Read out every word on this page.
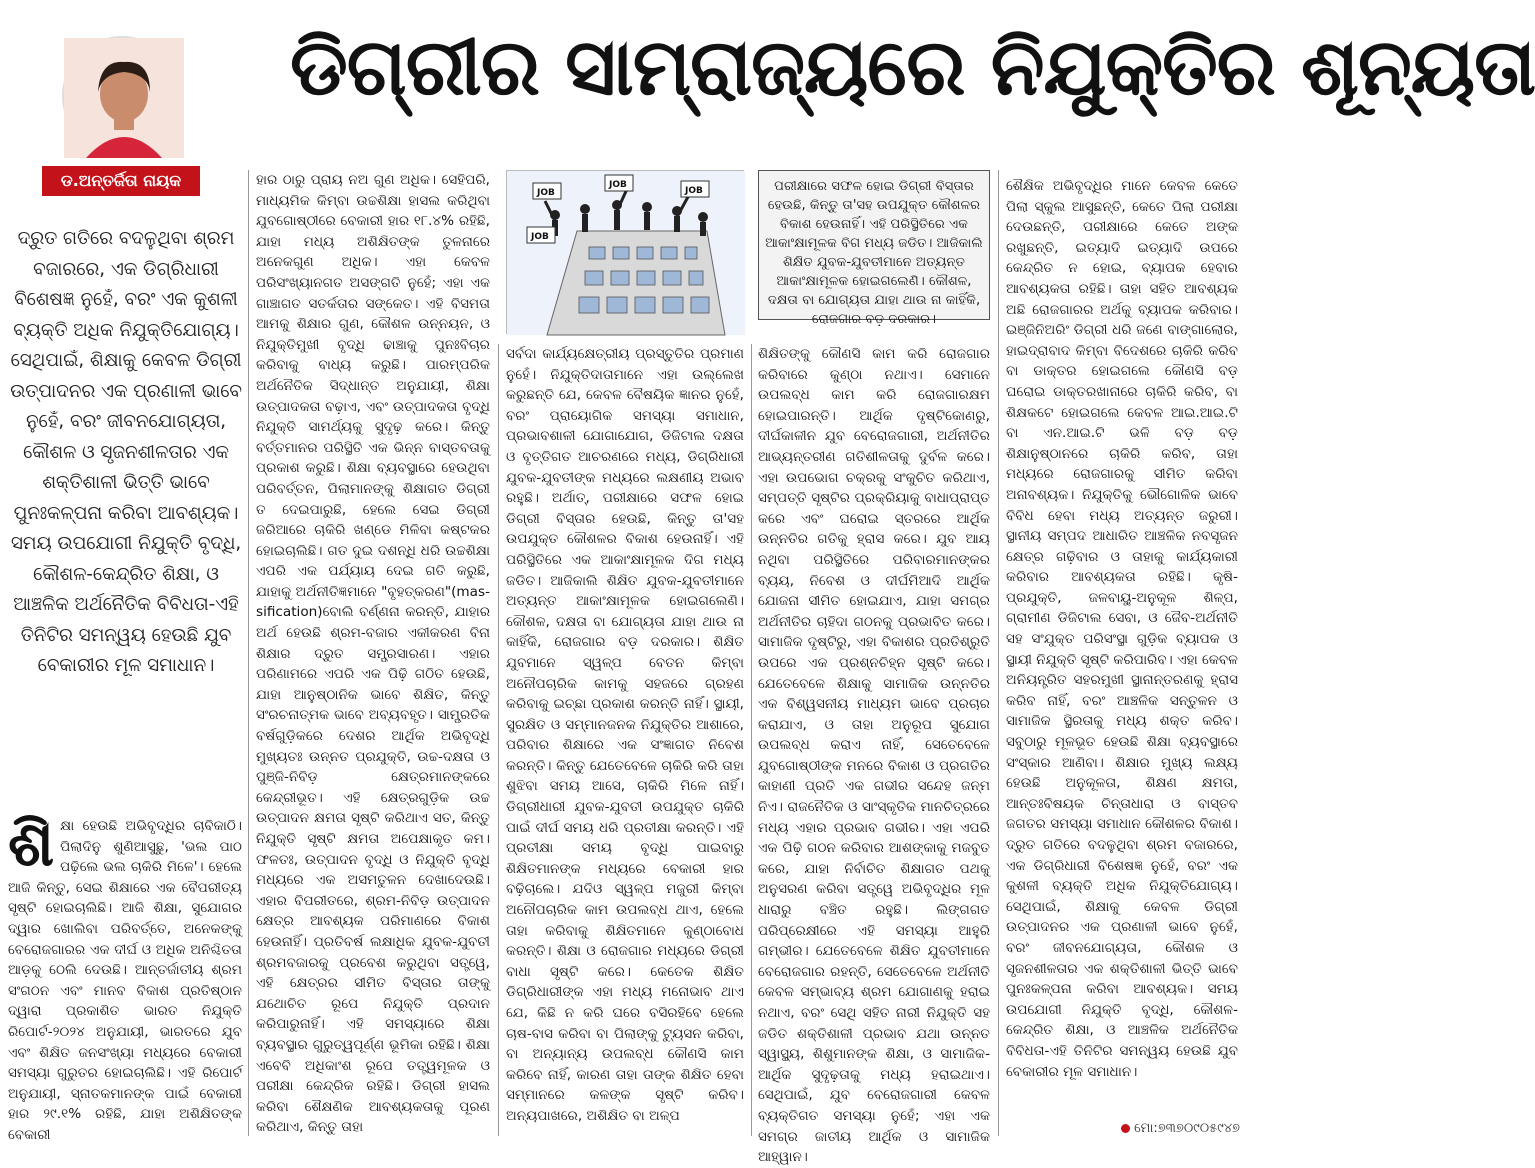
ଡିଗ୍ରୀର ସାମ୍ରାଜ୍ୟରେ ନିଯୁକ୍ତିର ଶୂନ୍ୟତା
ଡ.ଅନ୍ତର୍ଜିତା ନାୟକ
ଦ୍ରୁତ ଗତିରେ ବଦଳୁଥିବା ଶ୍ରମ ବଜାରରେ, ଏକ ଡିଗ୍ରିଧାରୀ ବିଶେଷଜ୍ଞ ନୁହେଁ, ବରଂ ଏକ କୁଶଳୀ ବ୍ୟକ୍ତି ଅଧିକ ନିଯୁକ୍ତିଯୋଗ୍ୟ। ସେଥିପାଇଁ, ଶିକ୍ଷାକୁ କେବଳ ଡିଗ୍ରୀ ଉତ୍ପାଦନର ଏକ ପ୍ରଣାଳୀ ଭାବେ ନୁହେଁ, ବରଂ ଜୀବନଯୋଗ୍ୟତା, କୌଶଳ ଓ ସୃଜନଶୀଳତାର ଏକ ଶକ୍ତିଶାଳୀ ଭିତ୍ତି ଭାବେ ପୁନଃକଳ୍ପନା କରିବା ଆବଶ୍ୟକ। ସମୟ ଉପଯୋଗୀ ନିଯୁକ୍ତି ବୃଦ୍ଧି, କୌଶଳ-କେନ୍ଦ୍ରିତ ଶିକ୍ଷା, ଓ ଆଞ୍ଚଳିକ ଅର୍ଥନୈତିକ ବିବିଧତା-ଏହି ତିନିଟିର ସମନ୍ୱୟ ହେଉଛି ଯୁବ ବେକାରୀର ମୂଳ ସମାଧାନ।
ଶି କ୍ଷା ହେଉଛି ଅଭିବୃଦ୍ଧିର ଚାବିକାଠି। ପିଲାଦିନୁ ଶୁଣିଆସୁଛୁ, 'ଭଲ ପାଠ ପଢ଼ିଲେ ଭଲ ଚାକିରି ମିଳେ'। ହେଲେ ଆଜି କିନ୍ତୁ, ସେଇ ଶିକ୍ଷାରେ ଏକ ବୈପରୀତ୍ୟ ସୃଷ୍ଟି ହୋଇଚାଲିଛି। ଆଜି ଶିକ୍ଷା, ସୁଯୋଗର ଦ୍ୱାର ଖୋଲିବା ପରିବର୍ତ୍ତେ, ଅନେକଙ୍କୁ ବେରୋଜଗାରର ଏକ ଦୀର୍ଘ ଓ ଅଧିକ ଅନିଶ୍ଚିତତା ଆଡ଼କୁ ଠେଲି ଦେଉଛି। ଆନ୍ତର୍ଜାତୀୟ ଶ୍ରମ ସଂଗଠନ ଏବଂ ମାନବ ବିକାଶ ପ୍ରତିଷ୍ଠାନ ଦ୍ୱାରା ପ୍ରକାଶିତ ଭାରତ ନିଯୁକ୍ତି ରିପୋର୍ଟ-୨୦୨୪ ଅନୁଯାୟୀ, ଭାରତରେ ଯୁବ ଏବଂ ଶିକ୍ଷିତ ଜନସଂଖ୍ୟା ମଧ୍ୟରେ ବେକାରୀ ସମସ୍ୟା ଗୁରୁତର ହୋଇଚାଲିଛି। ଏହି ରିପୋର୍ଟ ଅନୁଯାୟୀ, ସ୍ନାତକମାନଙ୍କ ପାଇଁ ବେକାରୀ ହାର ୨୯.୧% ରହିଛି, ଯାହା ଅଶିକ୍ଷିତଙ୍କ ବେକାରୀ
ହାର ଠାରୁ ପ୍ରାୟ ନଅ ଗୁଣ ଅଧିକ। ସେହିପରି, ମାଧ୍ୟମିକ କିମ୍ବା ଉଚ୍ଚଶିକ୍ଷା ହାସଲ କରିଥିବା ଯୁବଗୋଷ୍ଠୀରେ ବେକାରୀ ହାର ୧୮.୪% ରହିଛି, ଯାହା ମଧ୍ୟ ଅଶିକ୍ଷିତଙ୍କ ତୁଳନାରେ ଅନେକଗୁଣ ଅଧିକ। ଏହା କେବଳ ପରିସଂଖ୍ୟାନଗତ ଅସଙ୍ଗତି ନୁହେଁ; ଏହା ଏକ ଗାଞ୍ଚାଗତ ସତର୍କତାର ସଙ୍କେତ। ଏହି ବିସମତା ଆମକୁ ଶିକ୍ଷାର ଗୁଣ, କୌଶଳ ଉନ୍ନୟନ, ଓ ନିଯୁକ୍ତିମୁଖୀ ବୃଦ୍ଧି ଢାଞ୍ଚାକୁ ପୁନଃବିଚାର କରିବାକୁ ବାଧ୍ୟ କରୁଛି। ପାରମ୍ପରିକ ଅର୍ଥନୈତିକ ସିଦ୍ଧାନ୍ତ ଅନୁଯାୟୀ, ଶିକ୍ଷା ଉତ୍ପାଦକତା ବଢ଼ାଏ, ଏବଂ ଉତ୍ପାଦକତା ବୃଦ୍ଧି ନିଯୁକ୍ତି ସାମର୍ଥ୍ୟକୁ ସୁଦୃଢ଼ କରେ। କିନ୍ତୁ ବର୍ତ୍ତମାନର ପରିସ୍ଥିତି ଏକ ଭିନ୍ନ ବାସ୍ତବତାକୁ ପ୍ରକାଶ କରୁଛି। ଶିକ୍ଷା ବ୍ୟବସ୍ଥାରେ ହେଉଥିବା ପରିବର୍ତ୍ତନ, ପିଲାମାନଙ୍କୁ ଶିକ୍ଷାଗତ ଡିଗ୍ରୀ ତ ଦେଇପାରୁଛି, ହେଲେ ସେଇ ଡିଗ୍ରୀ ଜରିଆରେ ଚାକିରି ଖଣ୍ଡେ ମିଳିବା କଷ୍ଟକର ହୋଇଚାଲିଛି। ଗତ ଦୁଇ ଦଶନ୍ଧି ଧରି ଉଚ୍ଚଶିକ୍ଷା ଏପରି ଏକ ପର୍ଯ୍ୟାୟ ଦେଇ ଗତି କରୁଛି, ଯାହାକୁ ଅର୍ଥନୀତିଜ୍ଞମାନେ "ବୃହତ୍କରଣ"(massification)ବୋଲି ବର୍ଣ୍ଣନା କରନ୍ତି, ଯାହାର ଅର୍ଥ ହେଉଛି ଶ୍ରମ-ବଜାର ଏକୀକରଣ ବିନା ଶିକ୍ଷାର ଦ୍ରୁତ ସମ୍ପ୍ରସାରଣ। ଏହାର ପରିଣାମରେ ଏପରି ଏକ ପିଢ଼ି ଗଠିତ ହେଉଛି, ଯାହା ଆନୁଷ୍ଠାନିକ ଭାବେ ଶିକ୍ଷିତ, କିନ୍ତୁ ସଂରଚନାତ୍ମକ ଭାବେ ଅବ୍ୟବହୃତ। ସାମ୍ପ୍ରତିକ ବର୍ଷଗୁଡ଼ିକରେ ଦେଶର ଆର୍ଥିକ ଅଭିବୃଦ୍ଧି ମୁଖ୍ୟତଃ ଉନ୍ନତ ପ୍ରଯୁକ୍ତି, ଉଚ୍ଚ-ଦକ୍ଷତା ଓ ପୁଞ୍ଜି-ନିବିଡ଼ କ୍ଷେତ୍ରମାନଙ୍କରେ କେନ୍ଦ୍ରୀଭୂତ। ଏହି କ୍ଷେତ୍ରଗୁଡ଼ିକ ଉଚ୍ଚ ଉତ୍ପାଦନ କ୍ଷମତା ସୃଷ୍ଟି କରିଥାଏ ସତ, କିନ୍ତୁ ନିଯୁକ୍ତି ସୃଷ୍ଟି କ୍ଷମତା ଅପେକ୍ଷାକୃତ କମ। ଫଳତଃ, ଉତ୍ପାଦନ ବୃଦ୍ଧି ଓ ନିଯୁକ୍ତି ବୃଦ୍ଧି ମଧ୍ୟରେ ଏକ ଅସମତୁଳନ ଦେଖାଦେଉଛି। ଏହାର ବିପରୀତରେ, ଶ୍ରମ-ନିବିଡ଼ ଉତ୍ପାଦନ କ୍ଷେତ୍ର ଆବଶ୍ୟକ ପରିମାଣରେ ବିକାଶ ହେଉନାହିଁ। ପ୍ରତିବର୍ଷ ଲକ୍ଷାଧିକ ଯୁବକ-ଯୁବତୀ ଶ୍ରମବଜାରକୁ ପ୍ରବେଶ କରୁଥିବା ସତ୍ତ୍ୱେ, ଏହି କ୍ଷେତ୍ରର ସୀମିତ ବିସ୍ତାର ତାଙ୍କୁ ଯଥୋଚିତ ରୂପେ ନିଯୁକ୍ତି ପ୍ରଦାନ କରିପାରୁନାହିଁ। ଏହି ସମସ୍ୟାରେ ଶିକ୍ଷା ବ୍ୟବସ୍ଥାର ଗୁରୁତ୍ୱପୂର୍ଣ୍ଣ ଭୂମିକା ରହିଛି। ଶିକ୍ଷା ଏବେବି ଅଧିକାଂଶ ରୂପେ ତତ୍ତ୍ୱମୂଳକ ଓ ପରୀକ୍ଷା କେନ୍ଦ୍ରିକ ରହିଛି। ଡିଗ୍ରୀ ହାସଲ କରିବା ଶୈକ୍ଷଣିକ ଆବଶ୍ୟକତାକୁ ପୂରଣ କରିଥାଏ, କିନ୍ତୁ ତାହା
JOB
JOB
JOB
JOB
ପରୀକ୍ଷାରେ ସଫଳ ହୋଇ ଡିଗ୍ରୀ ବିସ୍ତାର ହେଉଛି, କିନ୍ତୁ ତା'ସହ ଉପଯୁକ୍ତ କୌଶଳର ବିକାଶ ହେଉନାହିଁ। ଏହି ପରିସ୍ଥିତିରେ ଏକ ଆକାଂକ୍ଷାମୂଳକ ବିଗ ମଧ୍ୟ ଜଡିତ। ଆଜିକାଲି ଶିକ୍ଷିତ ଯୁବକ-ଯୁବତୀମାନେ ଅତ୍ୟନ୍ତ ଆକାଂକ୍ଷାମୂଳକ ହୋଇଗଲେଣି। କୌଶଳ, ଦକ୍ଷତା ବା ଯୋଗ୍ୟତା ଯାହା ଥାଉ ନା କାହିଁକି, ରୋଜଗାର ବଡ଼ ଦରକାର।
ସର୍ବଦା କାର୍ଯ୍ୟକ୍ଷେତ୍ରୀୟ ପ୍ରସ୍ତୁତିର ପ୍ରମାଣ ନୁହେଁ। ନିଯୁକ୍ତିଦାତାମାନେ ଏହା ଉଲ୍ଲେଖ କରୁଛନ୍ତି ଯେ, କେବଳ ବୈଷୟିକ ଜ୍ଞାନର ନୁହେଁ, ବରଂ ପ୍ରାୟୋଗିକ ସମସ୍ୟା ସମାଧାନ, ପ୍ରଭାବଶାଳୀ ଯୋଗାଯୋଗ, ଡିଜିଟାଲ ଦକ୍ଷତା ଓ ବୃତ୍ତିଗତ ଆଚରଣରେ ମଧ୍ୟ, ଡିଗ୍ରିଧାରୀ ଯୁବକ-ଯୁବତୀଙ୍କ ମଧ୍ୟରେ ଲକ୍ଷଣୀୟ ଅଭାବ ରହୁଛି। ଅର୍ଥାତ୍, ପରୀକ୍ଷାରେ ସଫଳ ହୋଇ ଡିଗ୍ରୀ ବିସ୍ତାର ହେଉଛି, କିନ୍ତୁ ତା'ସହ ଉପଯୁକ୍ତ କୌଶଳର ବିକାଶ ହେଉନାହିଁ। ଏହି ପରିସ୍ଥିତିରେ ଏକ ଆକାଂକ୍ଷାମୂଳକ ଦିଗ ମଧ୍ୟ ଜଡିତ। ଆଜିକାଲି ଶିକ୍ଷିତ ଯୁବକ-ଯୁବତୀମାନେ ଅତ୍ୟନ୍ତ ଆକାଂକ୍ଷାମୂଳକ ହୋଇଗଲେଣି। କୌଶଳ, ଦକ୍ଷତା ବା ଯୋଗ୍ୟତା ଯାହା ଥାଉ ନା କାହିଁକି, ରୋଜଗାର ବଡ଼ ଦରକାର। ଶିକ୍ଷିତ ଯୁବମାନେ ସ୍ୱଳ୍ପ ବେତନ କିମ୍ବା ଅନୌପଚାରିକ କାମକୁ ସହଜରେ ଗ୍ରହଣ କରିବାକୁ ଇଚ୍ଛା ପ୍ରକାଶ କରନ୍ତି ନାହିଁ। ସ୍ଥାୟୀ, ସୁରକ୍ଷିତ ଓ ସମ୍ମାନଜନକ ନିଯୁକ୍ତିର ଆଶାରେ, ପରିବାର ଶିକ୍ଷାରେ ଏକ ସଂଜ୍ଞାଗତ ନିବେଶ କରନ୍ତି। କିନ୍ତୁ ଯେତେବେଳେ ଚାକିରି କରି ତାହା ଶୁଝିବା ସମୟ ଆସେ, ଚାକିରି ମିଳେ ନାହିଁ। ଡିଗ୍ରୀଧାରୀ ଯୁବକ-ଯୁବତୀ ଉପଯୁକ୍ତ ଚାକିରି ପାଇଁ ଦୀର୍ଘ ସମୟ ଧରି ପ୍ରତୀକ୍ଷା କରନ୍ତି। ଏହି ପ୍ରତୀକ୍ଷା ସମୟ ବୃଦ୍ଧି ପାଇବାରୁ ଶିକ୍ଷିତମାନଙ୍କ ମଧ୍ୟରେ ବେକାରୀ ହାର ବଢ଼ିଚାଲେ। ଯଦିଓ ସ୍ୱଳ୍ପ ମଜୁରୀ କିମ୍ବା ଅନୌପଚାରିକ କାମ ଉପଲବ୍ଧ ଥାଏ, ହେଲେ ତାହା କରିବାକୁ ଶିକ୍ଷିତମାନେ କୁଣ୍ଠାବୋଧ କରନ୍ତି। ଶିକ୍ଷା ଓ ରୋଜଗାର ମଧ୍ୟରେ ଡିଗ୍ରୀ ବାଧା ସୃଷ୍ଟି କରେ। କେତେକ ଶିକ୍ଷିତ ଡିଗ୍ରିଧାରୀଙ୍କ ଏହା ମଧ୍ୟ ମନୋଭାବ ଥାଏ ଯେ, କିଛି ନ କରି ଘରେ ବସିରହିବେ ହେଲେ ଚାଷ-ବାସ କରିବା ବା ପିଲାଙ୍କୁ ଟ୍ୟୁସନ କରିବା, ବା ଅନ୍ୟାନ୍ୟ ଉପଲବ୍ଧ କୌଣସି କାମ କରିବେ ନାହିଁ, କାରଣ ତାହା ତାଙ୍କ ଶିକ୍ଷିତ ହେବା ସମ୍ମାନରେ କଳଙ୍କ ସୃଷ୍ଟି କରିବ। ଅନ୍ୟପାଖରେ, ଅଶିକ୍ଷିତ ବା ଅଳ୍ପ
ଶିକ୍ଷିତଙ୍କୁ କୌଣସି କାମ କରି ରୋଜଗାର କରିବାରେ କୁଣ୍ଠା ନଥାଏ। ସେମାନେ ଉପଲବ୍ଧ କାମ କରି ରୋଜଗାରକ୍ଷମ ହୋଇପାରନ୍ତି। ଆର୍ଥିକ ଦୃଷ୍ଟିକୋଣରୁ, ଦୀର୍ଘକାଳୀନ ଯୁବ ବେରୋଜଗାରୀ, ଅର୍ଥନୀତିର ଆଭ୍ୟନ୍ତରୀଣ ଗତିଶୀଳତାକୁ ଦୁର୍ବଳ କରେ। ଏହା ଉପଭୋଗ ଚକ୍ରକୁ ସଂକୁଚିତ କରିଥାଏ, ସମ୍ପତ୍ତି ସୃଷ୍ଟିର ପ୍ରକ୍ରିୟାକୁ ବାଧାପ୍ରାପ୍ତ କରେ ଏବଂ ଘରୋଇ ସ୍ତରରେ ଆର୍ଥିକ ଉନ୍ନତିର ଗତିକୁ ହ୍ରାସ କରେ। ଯୁବ ଆୟ ନଥିବା ପରିସ୍ଥିତିରେ ପରିବାରମାନଙ୍କର ବ୍ୟୟ, ନିବେଶ ଓ ଦୀର୍ଘମିଆଦି ଆର୍ଥିକ ଯୋଜନା ସୀମିତ ହୋଇଯାଏ, ଯାହା ସମଗ୍ର ଅର୍ଥନୀତିର ଚାହିଦା ଗଠନକୁ ପ୍ରଭାବିତ କରେ। ସାମାଜିକ ଦୃଷ୍ଟିରୁ, ଏହା ବିକାଶର ପ୍ରତିଶ୍ରୁତି ଉପରେ ଏକ ପ୍ରଶ୍ନଚିହ୍ନ ସୃଷ୍ଟି କରେ। ଯେତେବେଳେ ଶିକ୍ଷାକୁ ସାମାଜିକ ଉନ୍ନତିର ଏକ ବିଶ୍ୱସନୀୟ ମାଧ୍ୟମ ଭାବେ ପ୍ରଚାର କରାଯାଏ, ଓ ତାହା ଅନୁରୂପ ସୁଯୋଗ ଉପଲବ୍ଧ କରାଏ ନାହିଁ, ସେତେବେଳେ ଯୁବଗୋଷ୍ଠୀଙ୍କ ମନରେ ବିକାଶ ଓ ପ୍ରଗତିର କାହାଣୀ ପ୍ରତି ଏକ ଗଭୀର ସନ୍ଦେହ ଜନ୍ମ ନିଏ। ରାଜନୈତିକ ଓ ସାଂସ୍କୃତିକ ମାନଚିତ୍ରରେ ମଧ୍ୟ ଏହାର ପ୍ରଭାବ ଗଭୀର। ଏହା ଏପରି ଏକ ପିଢ଼ି ଗଠନ କରିବାର ଆଶଙ୍କାକୁ ମଜବୁତ କରେ, ଯାହା ନିର୍ବାଚିତ ଶିକ୍ଷାଗତ ପଥକୁ ଅନୁସରଣ କରିବା ସତ୍ତ୍ୱେ ଅଭିବୃଦ୍ଧିର ମୂଳ ଧାରାରୁ ବଞ୍ଚିତ ରହୁଛି। ଲିଙ୍ଗଗତ ପରିପ୍ରେକ୍ଷୀରେ ଏହି ସମସ୍ୟା ଆହୁରି ଗମ୍ଭୀର। ଯେତେବେଳେ ଶିକ୍ଷିତ ଯୁବତୀମାନେ ବେରୋଜଗାର ରହନ୍ତି, ସେତେବେଳେ ଅର୍ଥନୀତି କେବଳ ସମ୍ଭାବ୍ୟ ଶ୍ରମ ଯୋଗାଣକୁ ହରାଇ ନଥାଏ, ବରଂ ସେଥି ସହିତ ନାରୀ ନିଯୁକ୍ତି ସହ ଜଡିତ ଶକ୍ତିଶାଳୀ ପ୍ରଭାବ ଯଥା ଉନ୍ନତ ସ୍ୱାସ୍ଥ୍ୟ, ଶିଶୁମାନଙ୍କ ଶିକ୍ଷା, ଓ ସାମାଜିକ-ଆର୍ଥିକ ସୁଦୃଢ଼ତାକୁ ମଧ୍ୟ ହରାଇଥାଏ। ସେଥିପାଇଁ, ଯୁବ ବେରୋଜଗାରୀ କେବଳ ବ୍ୟକ୍ତିଗତ ସମସ୍ୟା ନୁହେଁ; ଏହା ଏକ ସମଗ୍ର ଜାତୀୟ ଆର୍ଥିକ ଓ ସାମାଜିକ ଆହ୍ୱାନ।
ଶୈକ୍ଷିକ ଅଭିବୃଦ୍ଧିର ମାନେ କେବଳ କେତେ ପିଲା ସ୍କୁଲ ଆସୁଛନ୍ତି, କେତେ ପିଲା ପରୀକ୍ଷା ଦେଉଛନ୍ତି, ପରୀକ୍ଷାରେ କେତେ ଅଙ୍କ ରଖୁଛନ୍ତି, ଇତ୍ୟାଦି ଇତ୍ୟାଦି ଉପରେ କେନ୍ଦ୍ରିତ ନ ହୋଇ, ବ୍ୟାପକ ହେବାର ଆବଶ୍ୟକତା ରହିଛି। ତାହା ସହିତ ଆବଶ୍ୟକ ଅଛି ରୋଜଗାରର ଅର୍ଥକୁ ବ୍ୟାପକ କରିବାର। ଇଞ୍ଜିନିଅରିଂ ଡିଗ୍ରୀ ଧରି ଜଣେ ବାଙ୍ଗାଲୋର, ହାଇଦ୍ରାବାଦ କିମ୍ବା ବିଦେଶରେ ଚାକିରି କରିବ ବା ଡାକ୍ତର ହୋଇଗଲେ କୌଣସି ବଡ଼ ଘରୋଇ ଡାକ୍ତରଖାନାରେ ଚାକିରି କରିବ, ବା ଶିକ୍ଷକଟେ ହୋଇଗଲେ କେବଳ ଆଇ.ଆଇ.ଟି ବା ଏନ.ଆଇ.ଟି ଭଳି ବଡ଼ ବଡ଼ ଶିକ୍ଷାନୁଷ୍ଠାନରେ ଚାକିରି କରିବ, ତାହା ମଧ୍ୟରେ ରୋଜଗାରକୁ ସୀମିତ କରିବା ଅନାବଶ୍ୟକ। ନିଯୁକ୍ତିକୁ ଭୌଗୋଳିକ ଭାବେ ବିବିଧ ହେବା ମଧ୍ୟ ଅତ୍ୟନ୍ତ ଜରୁରୀ। ସ୍ଥାନୀୟ ସମ୍ପଦ ଆଧାରିତ ଆଞ୍ଚଳିକ ନବସୃଜନ କ୍ଷେତ୍ର ଗଢ଼ିବାର ଓ ତାହାକୁ କାର୍ଯ୍ୟକାରୀ କରିବାର ଆବଶ୍ୟକତା ରହିଛି। କୃଷି-ପ୍ରଯୁକ୍ତି, ଜଳବାୟୁ-ଅନୁକୂଳ ଶିଳ୍ପ, ଗ୍ରାମୀଣ ଡିଜିଟାଲ ସେବା, ଓ ଜୈବ-ଅର୍ଥନୀତି ସହ ସଂଯୁକ୍ତ ପରିସଂସ୍ଥା ଗୁଡ଼ିକ ବ୍ୟାପକ ଓ ସ୍ଥାୟୀ ନିଯୁକ୍ତି ସୃଷ୍ଟି କରିପାରିବ। ଏହା କେବଳ ଅନିୟନ୍ତ୍ରିତ ସହରମୁଖୀ ସ୍ଥାନାନ୍ତରଣକୁ ହ୍ରାସ କରିବ ନାହିଁ, ବରଂ ଆଞ୍ଚଳିକ ସନ୍ତୁଳନ ଓ ସାମାଜିକ ସ୍ଥିରତାକୁ ମଧ୍ୟ ଶକ୍ତ କରିବ। ସବୁଠାରୁ ମୂଳଭୂତ ହେଉଛି ଶିକ୍ଷା ବ୍ୟବସ୍ଥାରେ ସଂସ୍କାର ଆଣିବା। ଶିକ୍ଷାର ମୁଖ୍ୟ ଲକ୍ଷ୍ୟ ହେଉଛି ଅନୁକୂଳତା, ଶିକ୍ଷଣ କ୍ଷମତା, ଆନ୍ତଃବିଷୟକ ଚିନ୍ତାଧାରା ଓ ବାସ୍ତବ ଜଗତର ସମସ୍ୟା ସମାଧାନ କୌଶଳର ବିକାଶ। ଦ୍ରୁତ ଗତିରେ ବଦଳୁଥିବା ଶ୍ରମ ବଜାରରେ, ଏକ ଡିଗ୍ରିଧାରୀ ବିଶେଷଜ୍ଞ ନୁହେଁ, ବରଂ ଏକ କୁଶଳୀ ବ୍ୟକ୍ତି ଅଧିକ ନିଯୁକ୍ତିଯୋଗ୍ୟ। ସେଥିପାଇଁ, ଶିକ୍ଷାକୁ କେବଳ ଡିଗ୍ରୀ ଉତ୍ପାଦନର ଏକ ପ୍ରଣାଳୀ ଭାବେ ନୁହେଁ, ବରଂ ଜୀବନଯୋଗ୍ୟତା, କୌଶଳ ଓ ସୃଜନଶୀଳତାର ଏକ ଶକ୍ତିଶାଳୀ ଭିତ୍ତି ଭାବେ ପୁନଃକଳ୍ପନା କରିବା ଆବଶ୍ୟକ। ସମୟ ଉପଯୋଗୀ ନିଯୁକ୍ତି ବୃଦ୍ଧି, କୌଶଳ-କେନ୍ଦ୍ରିତ ଶିକ୍ଷା, ଓ ଆଞ୍ଚଳିକ ଅର୍ଥନୈତିକ ବିବିଧତା-ଏହି ତିନିଟିର ସମନ୍ୱୟ ହେଉଛି ଯୁବ ବେକାରୀର ମୂଳ ସମାଧାନ।
ମୋ:୭୩୭୦୯୦୫୯୪୭
